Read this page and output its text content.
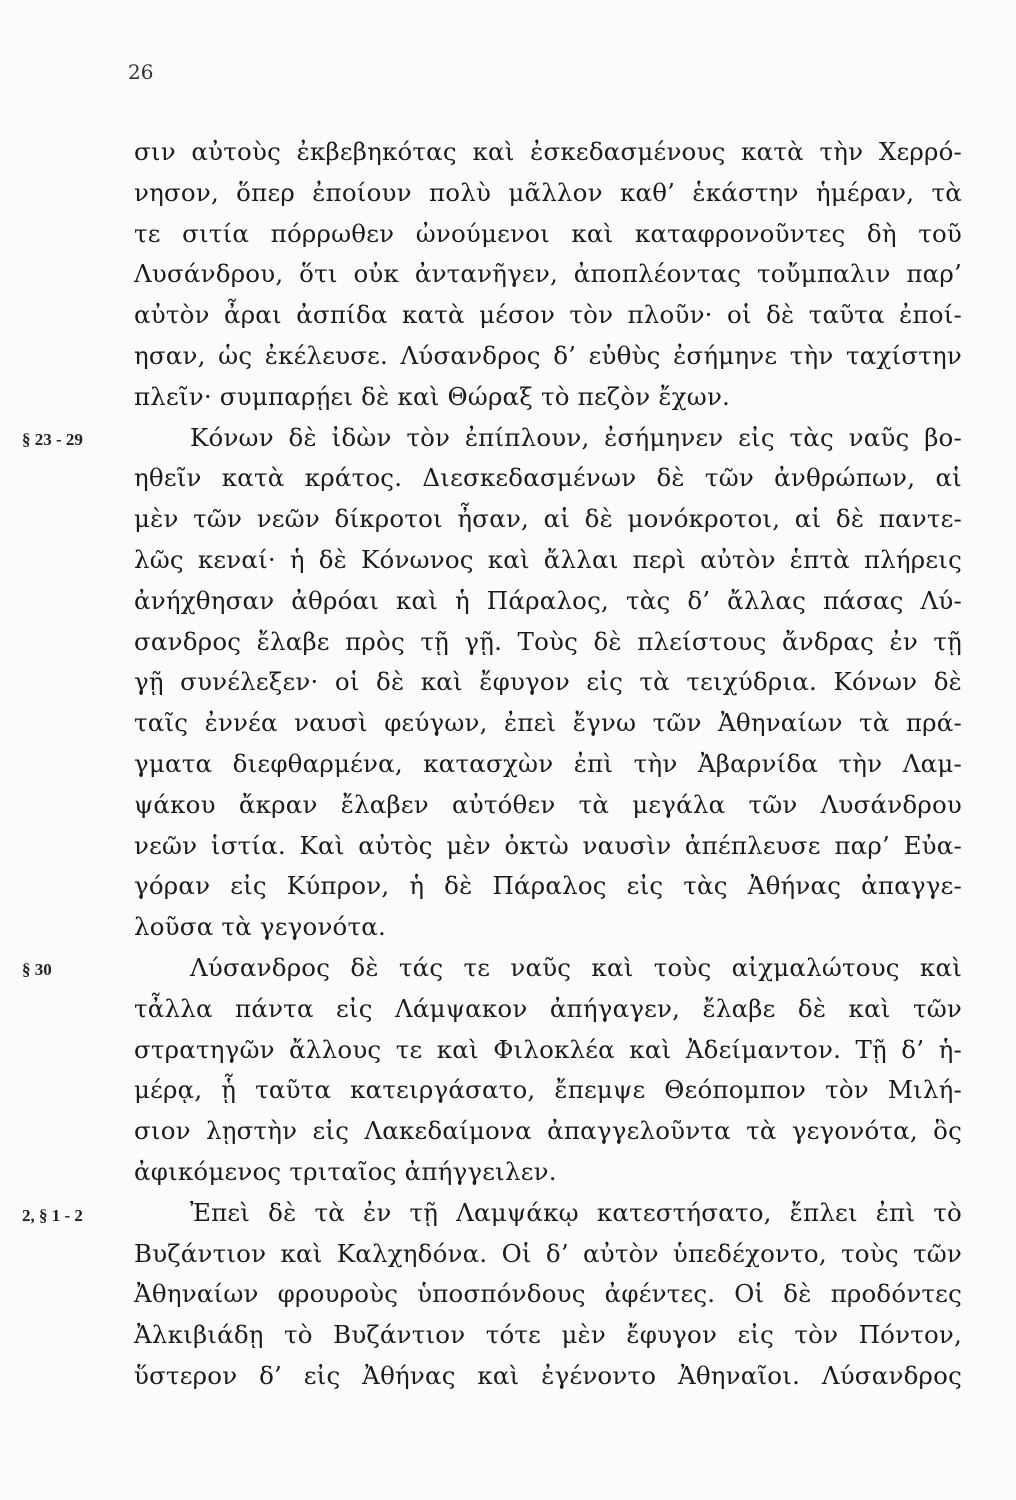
26
§ 23 - 29
§ 30
2, § 1 - 2
σιν αὐτοὺς ἐκβεβηκότας καὶ ἐσκεδασμένους κατὰ τὴν Χερρό-
νησον, ὅπερ ἐποίουν πολὺ μᾶλλον καθ’ ἑκάστην ἡμέραν, τὰ
τε σιτία πόρρωθεν ὠνούμενοι καὶ καταφρονοῦντες δὴ τοῦ
Λυσάνδρου, ὅτι οὐκ ἀντανῆγεν, ἀποπλέοντας τοὔμπαλιν παρ’
αὐτὸν ἆραι ἀσπίδα κατὰ μέσον τὸν πλοῦν· οἱ δὲ ταῦτα ἐποί-
ησαν, ὡς ἐκέλευσε. Λύσανδρος δ’ εὐθὺς ἐσήμηνε τὴν ταχίστην
πλεῖν· συμπαρῄει δὲ καὶ Θώραξ τὸ πεζὸν ἔχων.
Κόνων δὲ ἰδὼν τὸν ἐπίπλουν, ἐσήμηνεν εἰς τὰς ναῦς βο-
ηθεῖν κατὰ κράτος. Διεσκεδασμένων δὲ τῶν ἀνθρώπων, αἱ
μὲν τῶν νεῶν δίκροτοι ἦσαν, αἱ δὲ μονόκροτοι, αἱ δὲ παντε-
λῶς κεναί· ἡ δὲ Κόνωνος καὶ ἄλλαι περὶ αὐτὸν ἑπτὰ πλήρεις
ἀνήχθησαν ἀθρόαι καὶ ἡ Πάραλος, τὰς δ’ ἄλλας πάσας Λύ-
σανδρος ἔλαβε πρὸς τῇ γῇ. Τοὺς δὲ πλείστους ἄνδρας ἐν τῇ
γῇ συνέλεξεν· οἱ δὲ καὶ ἔφυγον εἰς τὰ τειχύδρια. Κόνων δὲ
ταῖς ἐννέα ναυσὶ φεύγων, ἐπεὶ ἔγνω τῶν Ἀθηναίων τὰ πρά-
γματα διεφθαρμένα, κατασχὼν ἐπὶ τὴν Ἀβαρνίδα τὴν Λαμ-
ψάκου ἄκραν ἔλαβεν αὐτόθεν τὰ μεγάλα τῶν Λυσάνδρου
νεῶν ἱστία. Καὶ αὐτὸς μὲν ὀκτὼ ναυσὶν ἀπέπλευσε παρ’ Εὐα-
γόραν εἰς Κύπρον, ἡ δὲ Πάραλος εἰς τὰς Ἀθήνας ἀπαγγε-
λοῦσα τὰ γεγονότα.
Λύσανδρος δὲ τάς τε ναῦς καὶ τοὺς αἰχμαλώτους καὶ
τἆλλα πάντα εἰς Λάμψακον ἀπήγαγεν, ἔλαβε δὲ καὶ τῶν
στρατηγῶν ἄλλους τε καὶ Φιλοκλέα καὶ Ἀδείμαντον. Τῇ δ’ ἡ-
μέρᾳ, ᾗ ταῦτα κατειργάσατο, ἔπεμψε Θεόπομπον τὸν Μιλή-
σιον λῃστὴν εἰς Λακεδαίμονα ἀπαγγελοῦντα τὰ γεγονότα, ὃς
ἀφικόμενος τριταῖος ἀπήγγειλεν.
Ἐπεὶ δὲ τὰ ἐν τῇ Λαμψάκῳ κατεστήσατο, ἔπλει ἐπὶ τὸ
Βυζάντιον καὶ Καλχηδόνα. Οἱ δ’ αὐτὸν ὑπεδέχοντο, τοὺς τῶν
Ἀθηναίων φρουροὺς ὑποσπόνδους ἀφέντες. Οἱ δὲ προδόντες
Ἀλκιβιάδῃ τὸ Βυζάντιον τότε μὲν ἔφυγον εἰς τὸν Πόντον,
ὕστερον δ’ εἰς Ἀθήνας καὶ ἐγένοντο Ἀθηναῖοι. Λύσανδρος
